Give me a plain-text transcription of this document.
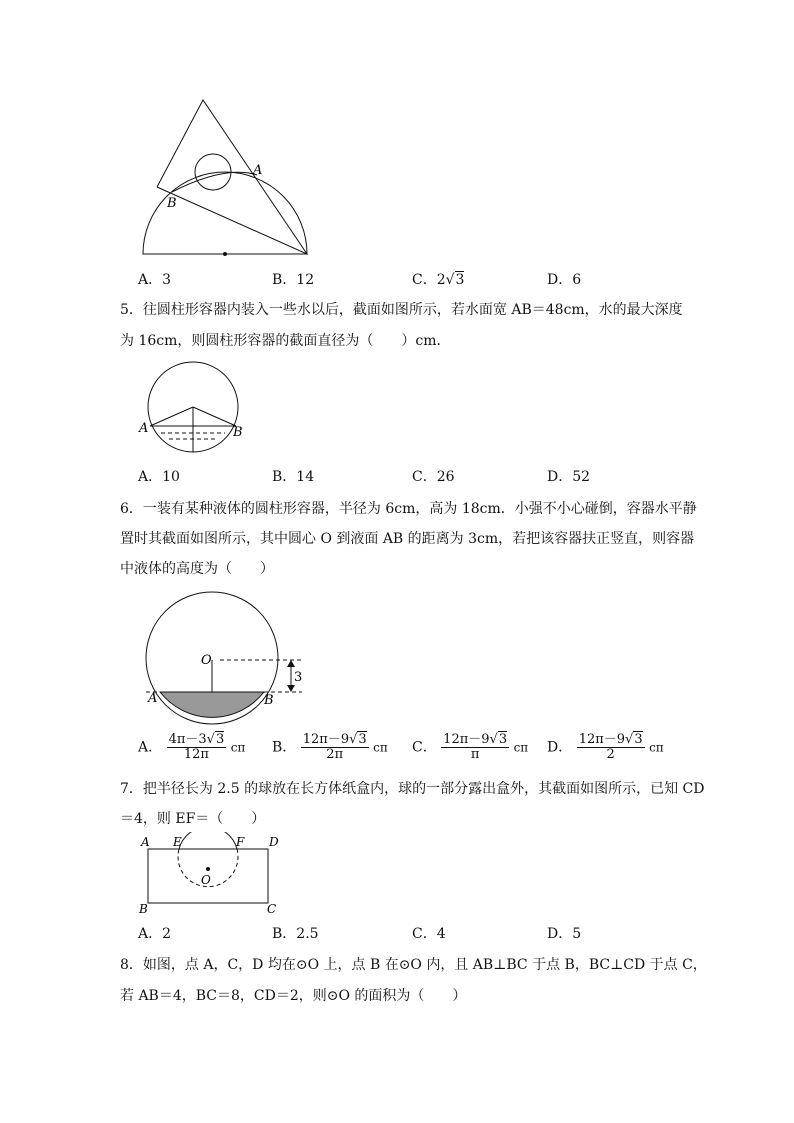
A
B
A．3	B．12	C．2√3	D．6
5．往圆柱形容器内装入一些水以后，截面如图所示，若水面宽 AB＝48cm，水的最大深度
为 16cm，则圆柱形容器的截面直径为（　　）cm．
A	B
A．10	B．14	C．26	D．52
6．一装有某种液体的圆柱形容器，半径为 6cm，高为 18cm．小强不小心碰倒，容器水平静
置时其截面如图所示，其中圆心 O 到液面 AB 的距离为 3cm，若把该容器扶正竖直，则容器
中液体的高度为（　　）
O
A	B
3
A． $\frac{4\pi-3√3}{12\pi}$ cπ B． $\frac{12\pi-9√3}{2\pi}$ cπ C． $\frac{12\pi-9√3}{\pi}$ cπ D． $\frac{12\pi-9√3}{2}$ cπ
7．把半径长为 2.5 的球放在长方体纸盒内，球的一部分露出盒外，其截面如图所示，已知 CD
＝4，则 EF＝（　　）
A E	F D
O
B	C
A．2	B．2.5	C．4	D．5
8．如图，点 A，C，D 均在⊙O 上，点 B 在⊙O 内，且 AB⊥BC 于点 B，BC⊥CD 于点 C，
若 AB＝4，BC＝8，CD＝2，则⊙O 的面积为（　　）
